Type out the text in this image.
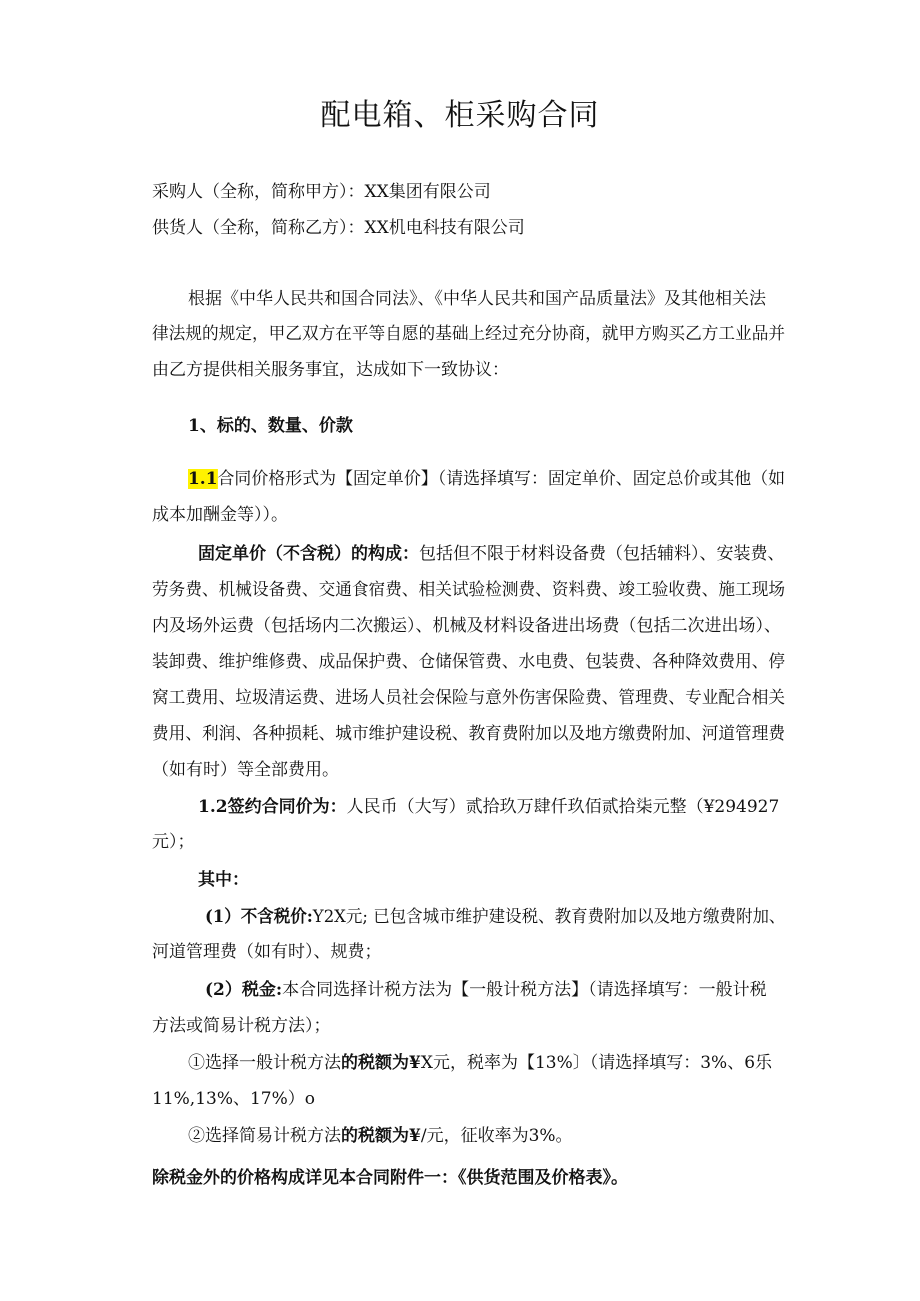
配电箱、柜采购合同
采购人（全称，简称甲方）：XX集团有限公司
供货人（全称，简称乙方）：XX机电科技有限公司
根据《中华人民共和国合同法》、《中华人民共和国产品质量法》及其他相关法
律法规的规定，甲乙双方在平等自愿的基础上经过充分协商，就甲方购买乙方工业品并
由乙方提供相关服务事宜，达成如下一致协议：
1、标的、数量、价款
1.1合同价格形式为【固定单价】（请选择填写：固定单价、固定总价或其他（如
成本加酬金等））。
固定单价（不含税）的构成：包括但不限于材料设备费（包括辅料）、安装费、
劳务费、机械设备费、交通食宿费、相关试验检测费、资料费、竣工验收费、施工现场
内及场外运费（包括场内二次搬运）、机械及材料设备进出场费（包括二次进出场）、
装卸费、维护维修费、成品保护费、仓储保管费、水电费、包装费、各种降效费用、停
窝工费用、垃圾清运费、进场人员社会保险与意外伤害保险费、管理费、专业配合相关
费用、利润、各种损耗、城市维护建设税、教育费附加以及地方缴费附加、河道管理费
（如有时）等全部费用。
1.2签约合同价为：人民币（大写）贰拾玖万肆仟玖佰贰拾柒元整（¥294927
元）；
其中：
(1）不含税价:Y2X元; 已包含城市维护建设税、教育费附加以及地方缴费附加、
河道管理费（如有时）、规费；
(2）税金:本合同选择计税方法为【一般计税方法】（请选择填写：一般计税
方法或简易计税方法）；
①选择一般计税方法的税额为¥X元，税率为【13%〕（请选择填写：3%、6乐
11%,13%、17%）o
②选择简易计税方法的税额为¥/元，征收率为3%。
除税金外的价格构成详见本合同附件一：《供货范围及价格表》。
